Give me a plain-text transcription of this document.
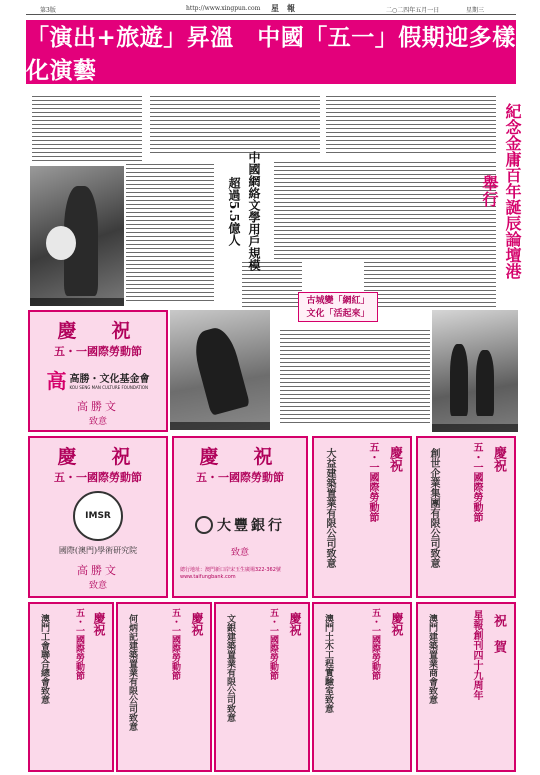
第3版	http://www.xingpun.com 星　報	二○二四年五月一日	星期三
「演出+旅遊」昇溫　中國「五一」假期迎多樣化演藝
中國網絡文學用戶規模超過5.5億人	紀念金庸百年誕辰論壇港舉行
古城變「網紅」
文化「活起來」

慶　祝
五・一國際勞動節
高 高勝・文化基金會
KOU SENG MAN CULTURE FOUNDATION
高勝文
致意
慶　祝
五・一國際勞動節
IMSR
國際(澳門)學術研究院
高勝文
致意
慶　祝
五・一國際勞動節
大豐銀行
致意
總行地址：澳門新口岸宋玉生廣場322-362號
www.taifungbank.com
慶祝
五・一國際勞動節
大益建築置業有限公司致意	慶祝
五・一國際勞動節
創世企業集團有限公司致意
慶祝
五・一國際勞動節
澳門工會聯合總會致意	慶祝
五・一國際勞動節
何炳記建築置業有限公司致意	慶祝
五・一國際勞動節
文銀建築置業有限公司致意	慶祝
五・一國際勞動節
澳門土木工程實驗室致意	祝　賀
星報創刊四十九周年
澳門建築置業商會致意
